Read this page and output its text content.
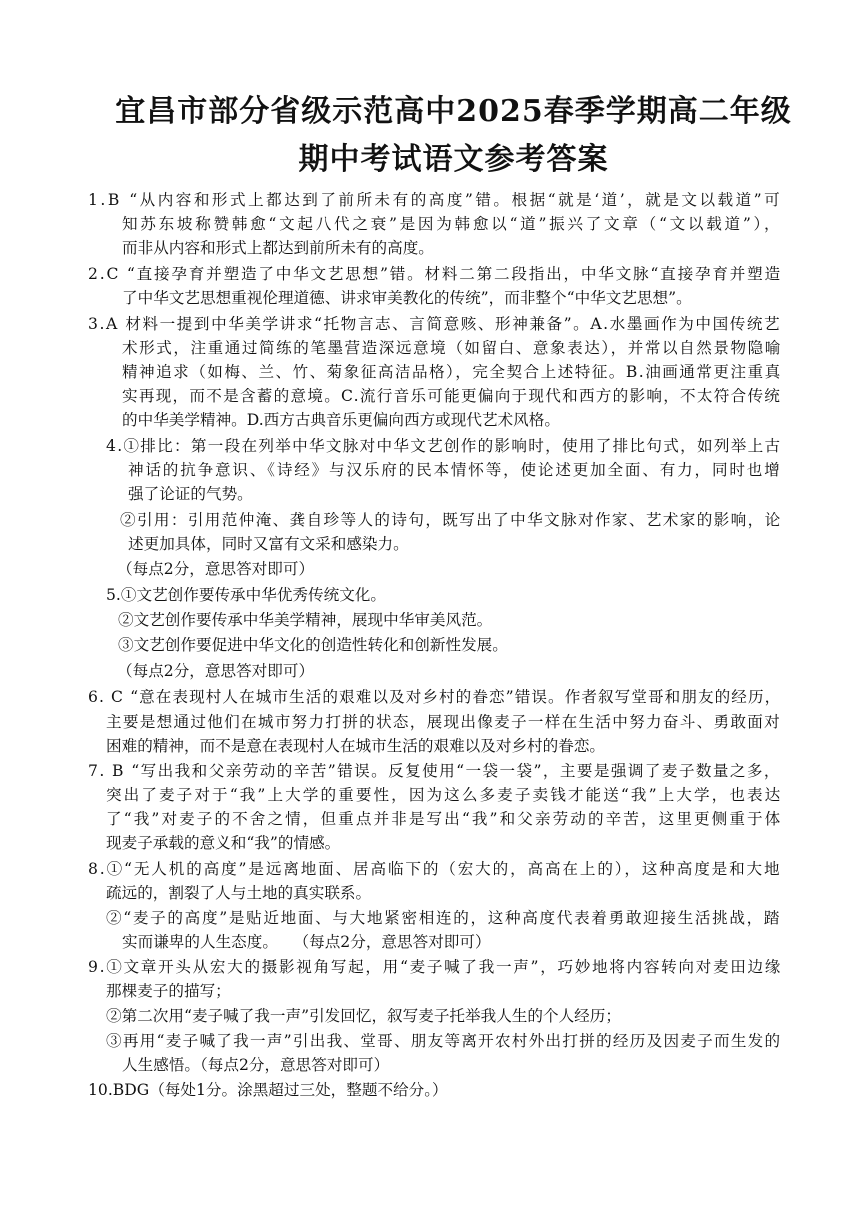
宜昌市部分省级示范高中2025春季学期高二年级
期中考试语文参考答案
1.B “从内容和形式上都达到了前所未有的高度”错。根据“就是‘道’，就是文以载道”可
知苏东坡称赞韩愈“文起八代之衰”是因为韩愈以“道”振兴了文章（“文以载道”），
而非从内容和形式上都达到前所未有的高度。
2.C “直接孕育并塑造了中华文艺思想”错。材料二第二段指出，中华文脉“直接孕育并塑造
了中华文艺思想重视伦理道德、讲求审美教化的传统”，而非整个“中华文艺思想”。
3.A 材料一提到中华美学讲求“托物言志、言简意赅、形神兼备”。A.水墨画作为中国传统艺
术形式，注重通过简练的笔墨营造深远意境（如留白、意象表达），并常以自然景物隐喻
精神追求（如梅、兰、竹、菊象征高洁品格），完全契合上述特征。B.油画通常更注重真
实再现，而不是含蓄的意境。C.流行音乐可能更偏向于现代和西方的影响，不太符合传统
的中华美学精神。D.西方古典音乐更偏向西方或现代艺术风格。
4.①排比：第一段在列举中华文脉对中华文艺创作的影响时，使用了排比句式，如列举上古
神话的抗争意识、《诗经》与汉乐府的民本情怀等，使论述更加全面、有力，同时也增
强了论证的气势。
②引用：引用范仲淹、龚自珍等人的诗句，既写出了中华文脉对作家、艺术家的影响，论
述更加具体，同时又富有文采和感染力。
（每点2分，意思答对即可）
5.①文艺创作要传承中华优秀传统文化。
②文艺创作要传承中华美学精神，展现中华审美风范。
③文艺创作要促进中华文化的创造性转化和创新性发展。
（每点2分，意思答对即可）
6. C “意在表现村人在城市生活的艰难以及对乡村的眷恋”错误。作者叙写堂哥和朋友的经历，
主要是想通过他们在城市努力打拼的状态，展现出像麦子一样在生活中努力奋斗、勇敢面对
困难的精神，而不是意在表现村人在城市生活的艰难以及对乡村的眷恋。
7. B “写出我和父亲劳动的辛苦”错误。反复使用“一袋一袋”，主要是强调了麦子数量之多，
突出了麦子对于“我”上大学的重要性，因为这么多麦子卖钱才能送“我”上大学，也表达
了“我”对麦子的不舍之情，但重点并非是写出“我”和父亲劳动的辛苦，这里更侧重于体
现麦子承载的意义和“我”的情感。
8.①“无人机的高度”是远离地面、居高临下的（宏大的，高高在上的），这种高度是和大地
疏远的，割裂了人与土地的真实联系。
②“麦子的高度”是贴近地面、与大地紧密相连的，这种高度代表着勇敢迎接生活挑战，踏
实而谦卑的人生态度。　　（每点2分，意思答对即可）
9.①文章开头从宏大的摄影视角写起，用“麦子喊了我一声”，巧妙地将内容转向对麦田边缘
那棵麦子的描写；
②第二次用“麦子喊了我一声”引发回忆，叙写麦子托举我人生的个人经历；
③再用“麦子喊了我一声”引出我、堂哥、朋友等离开农村外出打拼的经历及因麦子而生发的
人生感悟。（每点2分，意思答对即可）
10.BDG（每处1分。涂黑超过三处，整题不给分。）
